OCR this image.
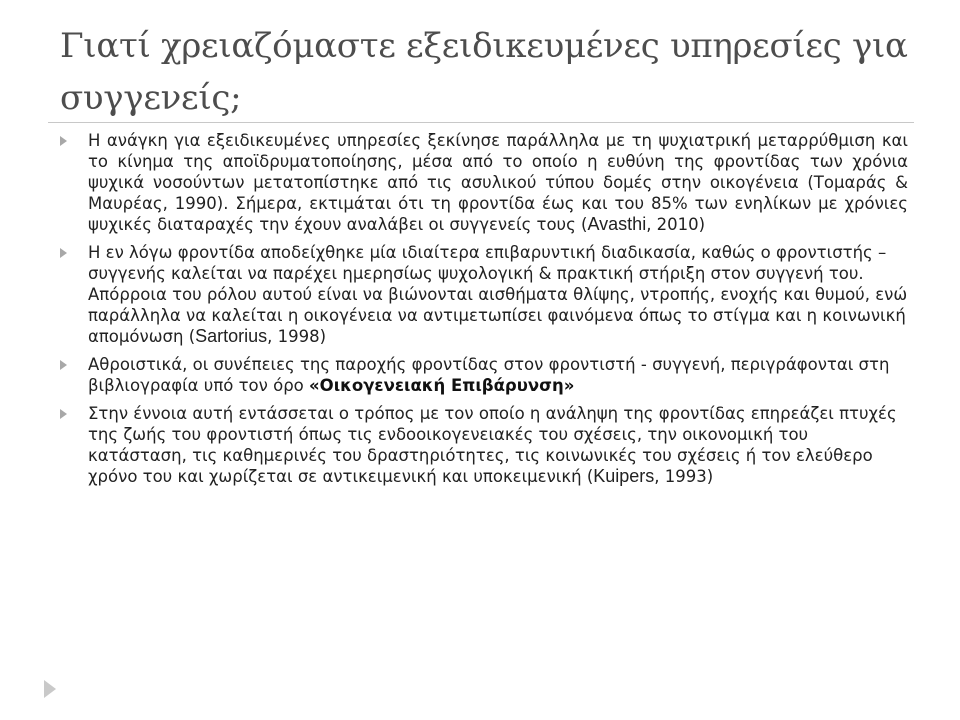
Γιατί χρειαζόμαστε εξειδικευμένες υπηρεσίες για συγγενείς;
Η ανάγκη για εξειδικευμένες υπηρεσίες ξεκίνησε παράλληλα με τη ψυχιατρική μεταρρύθμιση και το κίνημα της αποϊδρυματοποίησης, μέσα από το οποίο η ευθύνη της φροντίδας των χρόνια ψυχικά νοσούντων μετατοπίστηκε από τις ασυλικού τύπου δομές στην οικογένεια (Τομαράς & Μαυρέας, 1990). Σήμερα, εκτιμάται ότι τη φροντίδα έως και του 85% των ενηλίκων με χρόνιες ψυχικές διαταραχές την έχουν αναλάβει οι συγγενείς τους (Avasthi, 2010)
Η εν λόγω φροντίδα αποδείχθηκε μία ιδιαίτερα επιβαρυντική διαδικασία, καθώς ο φροντιστής – συγγενής καλείται να παρέχει ημερησίως ψυχολογική & πρακτική στήριξη στον συγγενή του. Απόρροια του ρόλου αυτού είναι να βιώνονται αισθήματα θλίψης, ντροπής, ενοχής και θυμού, ενώ παράλληλα να καλείται η οικογένεια να αντιμετωπίσει φαινόμενα όπως το στίγμα και η κοινωνική απομόνωση (Sartorius, 1998)
Αθροιστικά, οι συνέπειες της παροχής φροντίδας στον φροντιστή - συγγενή, περιγράφονται στη βιβλιογραφία υπό τον όρο «Οικογενειακή Επιβάρυνση»
Στην έννοια αυτή εντάσσεται ο τρόπος με τον οποίο η ανάληψη της φροντίδας επηρεάζει πτυχές της ζωής του φροντιστή όπως τις ενδοοικογενειακές του σχέσεις, την οικονομική του κατάσταση, τις καθημερινές του δραστηριότητες, τις κοινωνικές του σχέσεις ή τον ελεύθερο χρόνο του και χωρίζεται σε αντικειμενική και υποκειμενική (Kuipers, 1993)
